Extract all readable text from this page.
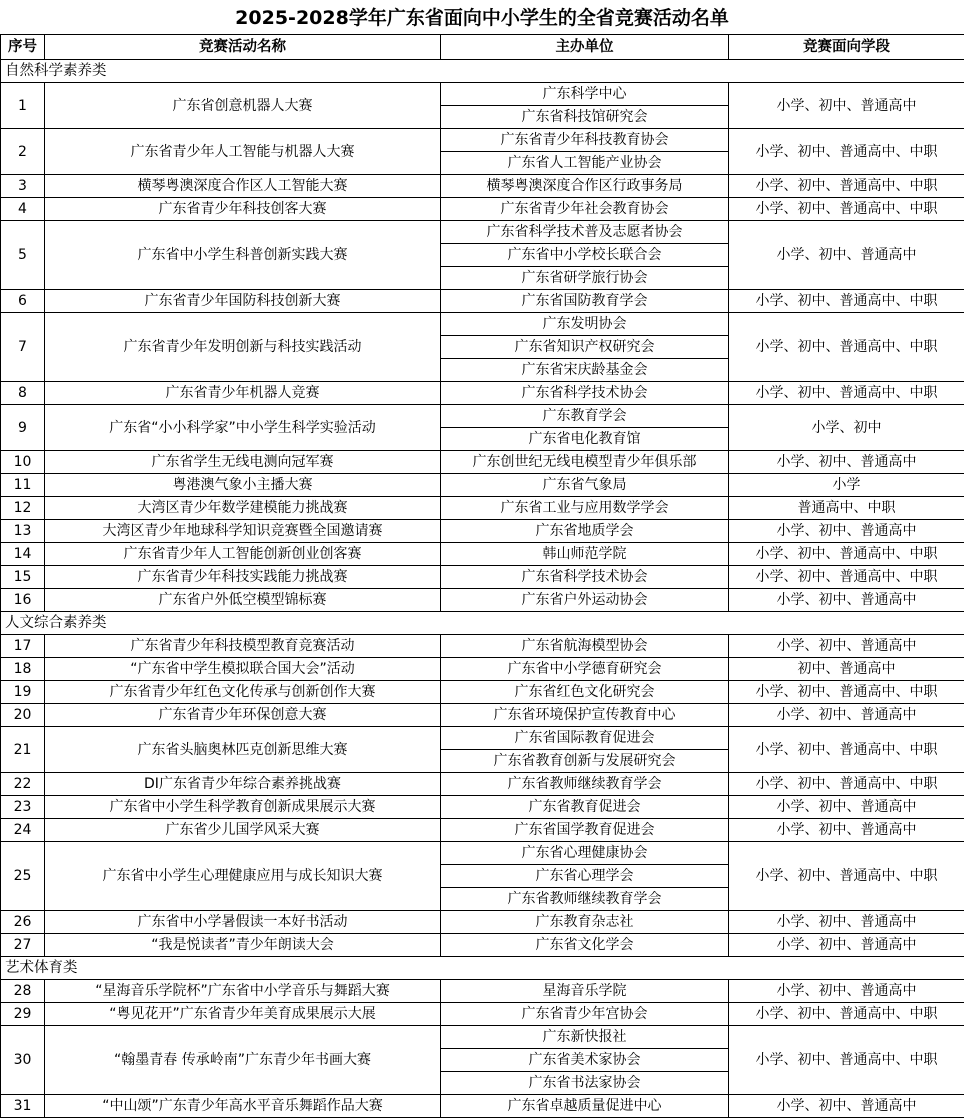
2025-2028学年广东省面向中小学生的全省竞赛活动名单
序号	竞赛活动名称	主办单位	竞赛面向学段
自然科学素养类			
1	广东省创意机器人大赛	广东科学中心	小学、初中、普通高中
		广东省科技馆研究会	
2	广东省青少年人工智能与机器人大赛	广东省青少年科技教育协会	小学、初中、普通高中、中职
		广东省人工智能产业协会	
3	横琴粤澳深度合作区人工智能大赛	横琴粤澳深度合作区行政事务局	小学、初中、普通高中、中职
4	广东省青少年科技创客大赛	广东省青少年社会教育协会	小学、初中、普通高中、中职
5	广东省中小学生科普创新实践大赛	广东省科学技术普及志愿者协会	小学、初中、普通高中
		广东省中小学校长联合会	
		广东省研学旅行协会	
6	广东省青少年国防科技创新大赛	广东省国防教育学会	小学、初中、普通高中、中职
7	广东省青少年发明创新与科技实践活动	广东发明协会	小学、初中、普通高中、中职
		广东省知识产权研究会	
		广东省宋庆龄基金会	
8	广东省青少年机器人竞赛	广东省科学技术协会	小学、初中、普通高中、中职
9	广东省“小小科学家”中小学生科学实验活动	广东教育学会	小学、初中
		广东省电化教育馆	
10	广东省学生无线电测向冠军赛	广东创世纪无线电模型青少年俱乐部	小学、初中、普通高中
11	粤港澳气象小主播大赛	广东省气象局	小学
12	大湾区青少年数学建模能力挑战赛	广东省工业与应用数学学会	普通高中、中职
13	大湾区青少年地球科学知识竞赛暨全国邀请赛	广东省地质学会	小学、初中、普通高中
14	广东省青少年人工智能创新创业创客赛	韩山师范学院	小学、初中、普通高中、中职
15	广东省青少年科技实践能力挑战赛	广东省科学技术协会	小学、初中、普通高中、中职
16	广东省户外低空模型锦标赛	广东省户外运动协会	小学、初中、普通高中
人文综合素养类			
17	广东省青少年科技模型教育竞赛活动	广东省航海模型协会	小学、初中、普通高中
18	“广东省中学生模拟联合国大会”活动	广东省中小学德育研究会	初中、普通高中
19	广东省青少年红色文化传承与创新创作大赛	广东省红色文化研究会	小学、初中、普通高中、中职
20	广东省青少年环保创意大赛	广东省环境保护宣传教育中心	小学、初中、普通高中
21	广东省头脑奥林匹克创新思维大赛	广东省国际教育促进会	小学、初中、普通高中、中职
		广东省教育创新与发展研究会	
22	DI广东省青少年综合素养挑战赛	广东省教师继续教育学会	小学、初中、普通高中、中职
23	广东省中小学生科学教育创新成果展示大赛	广东省教育促进会	小学、初中、普通高中
24	广东省少儿国学风采大赛	广东省国学教育促进会	小学、初中、普通高中
25	广东省中小学生心理健康应用与成长知识大赛	广东省心理健康协会	小学、初中、普通高中、中职
		广东省心理学会	
		广东省教师继续教育学会	
26	广东省中小学暑假读一本好书活动	广东教育杂志社	小学、初中、普通高中
27	“我是悦读者”青少年朗读大会	广东省文化学会	小学、初中、普通高中
艺术体育类			
28	“星海音乐学院杯”广东省中小学音乐与舞蹈大赛	星海音乐学院	小学、初中、普通高中
29	“粤见花开”广东省青少年美育成果展示大展	广东省青少年宫协会	小学、初中、普通高中、中职
30	“翰墨青春 传承岭南”广东青少年书画大赛	广东新快报社	小学、初中、普通高中、中职
		广东省美术家协会	
		广东省书法家协会	
31	“中山颂”广东青少年高水平音乐舞蹈作品大赛	广东省卓越质量促进中心	小学、初中、普通高中
